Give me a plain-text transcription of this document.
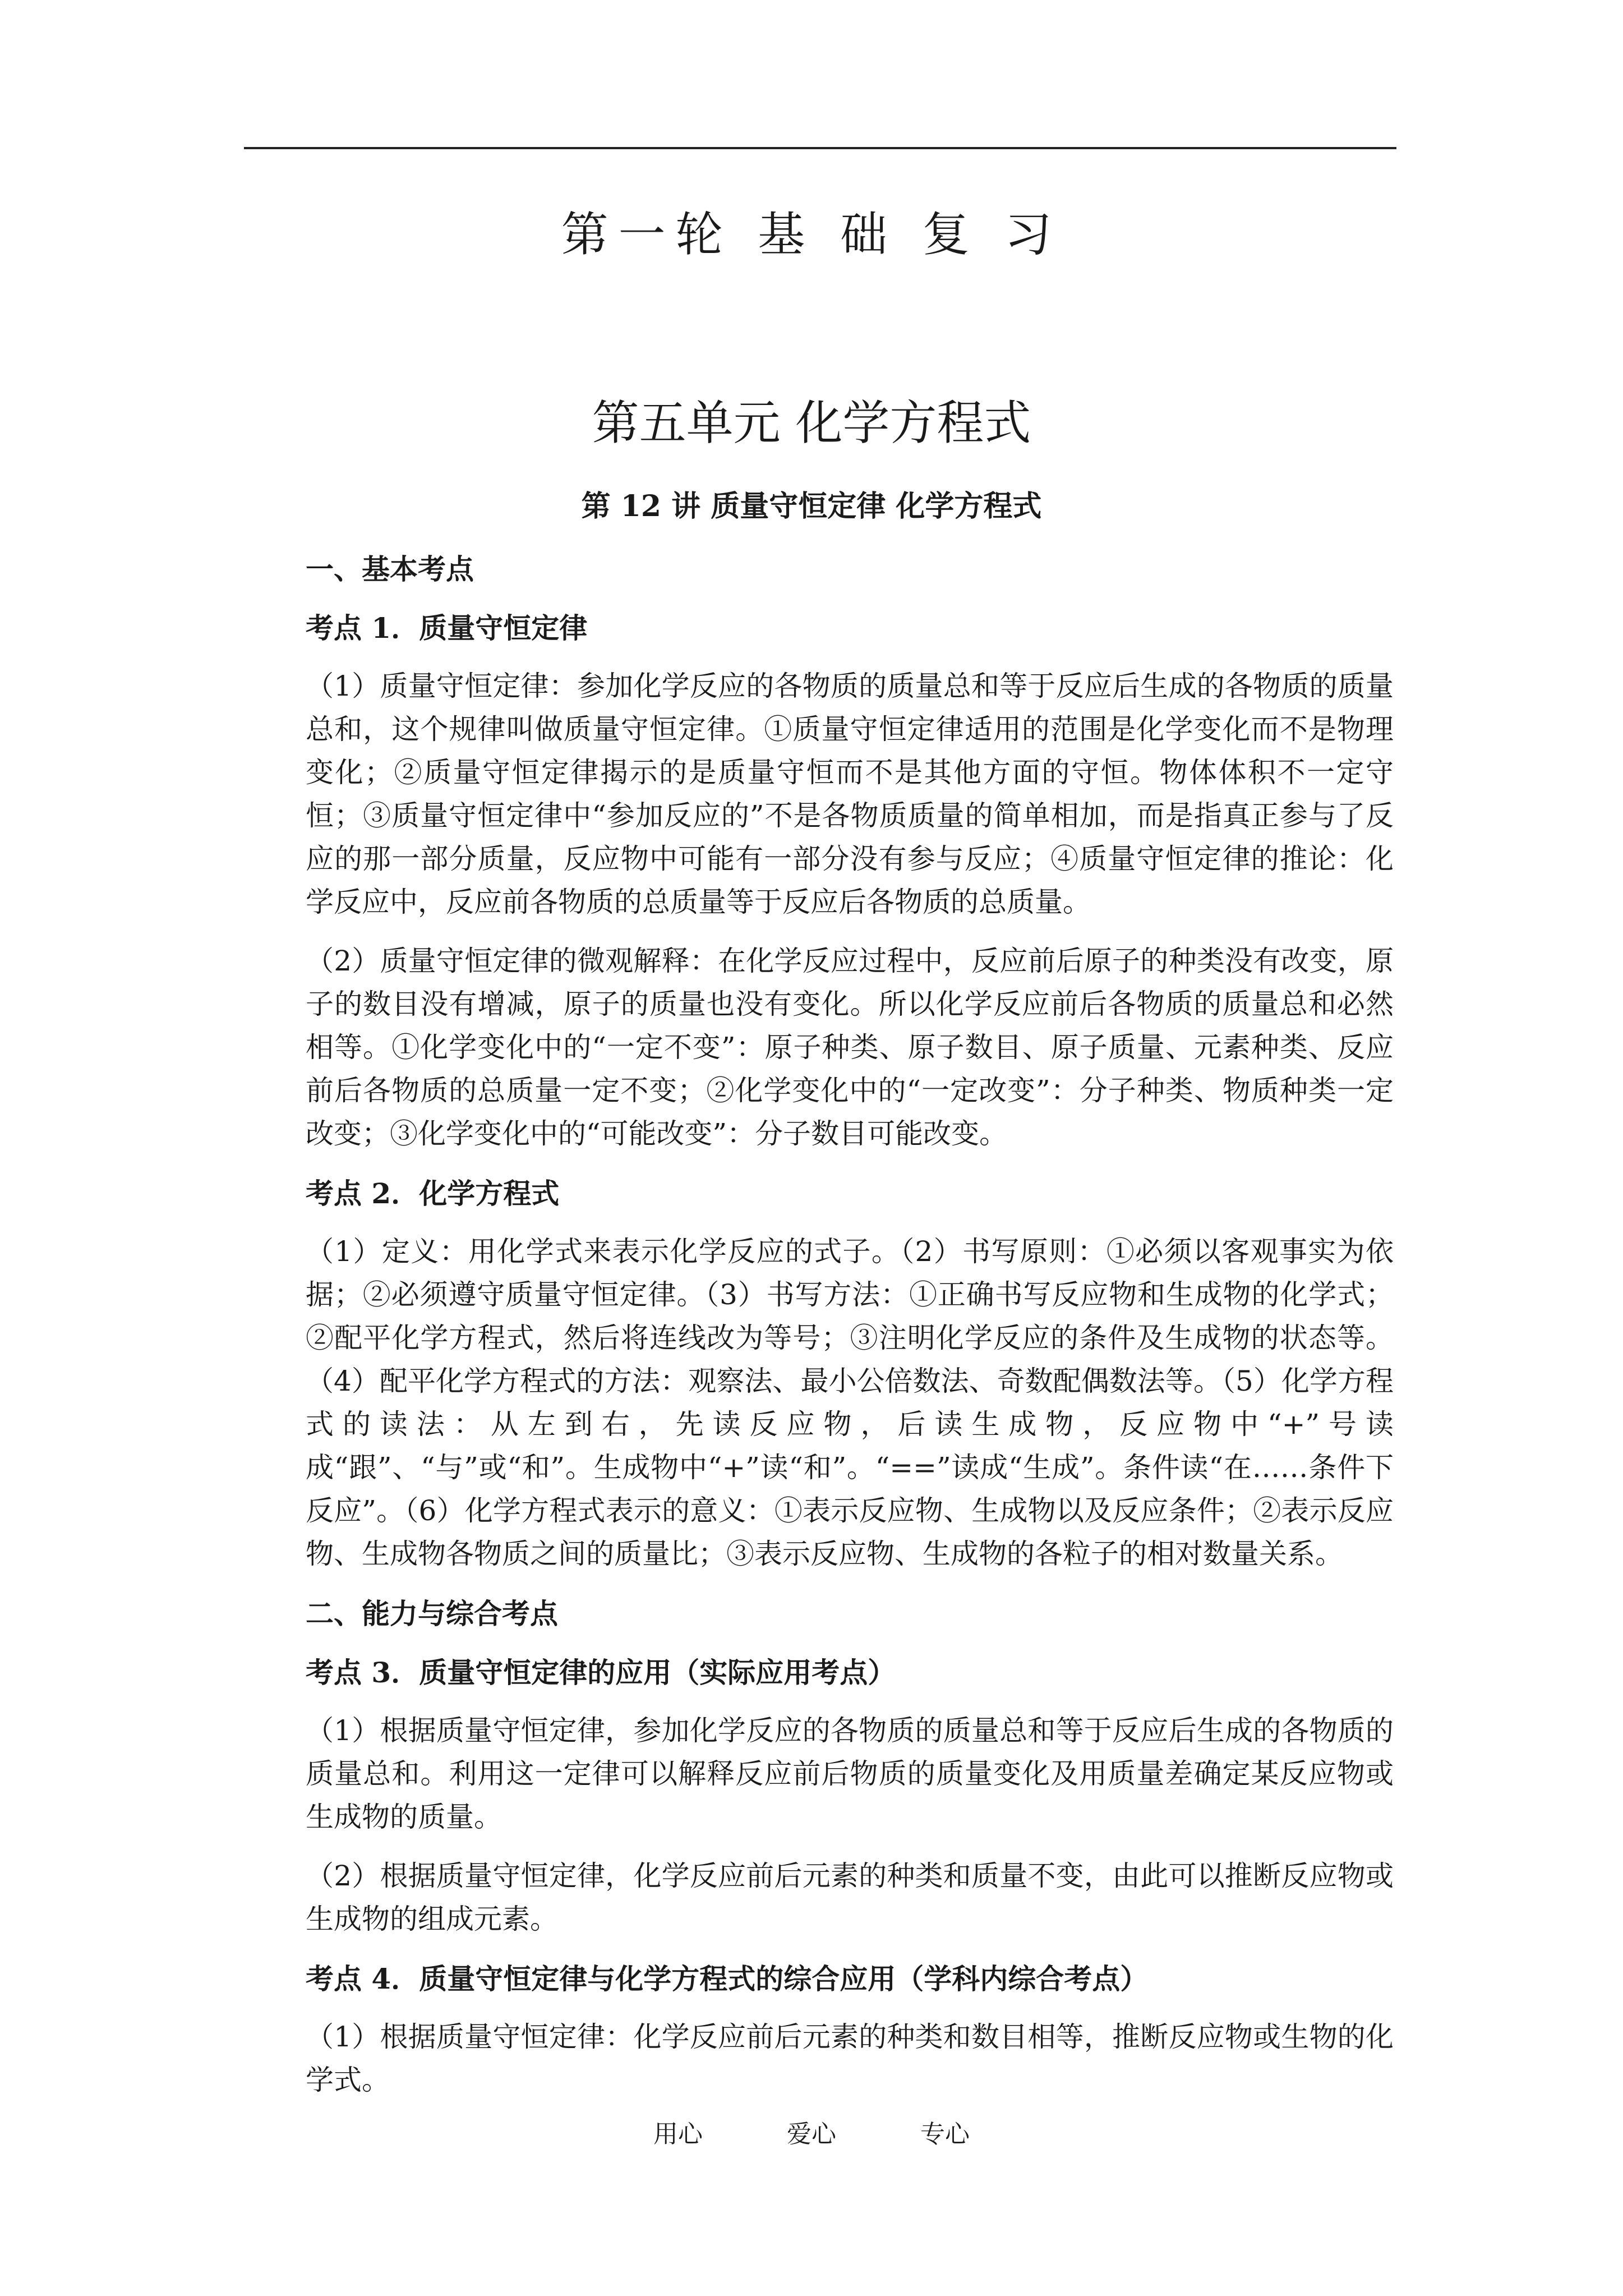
第一轮 基 础 复 习
第五单元 化学方程式
第 12 讲 质量守恒定律 化学方程式
一、基本考点
考点 1．质量守恒定律

（1）质量守恒定律：参加化学反应的各物质的质量总和等于反应后生成的各物质的质量总和，这个规律叫做质量守恒定律。①质量守恒定律适用的范围是化学变化而不是物理变化；②质量守恒定律揭示的是质量守恒而不是其他方面的守恒。物体体积不一定守恒；③质量守恒定律中“参加反应的”不是各物质质量的简单相加，而是指真正参与了反应的那一部分质量，反应物中可能有一部分没有参与反应；④质量守恒定律的推论：化学反应中，反应前各物质的总质量等于反应后各物质的总质量。

（2）质量守恒定律的微观解释：在化学反应过程中，反应前后原子的种类没有改变，原子的数目没有增减，原子的质量也没有变化。所以化学反应前后各物质的质量总和必然相等。①化学变化中的“一定不变”：原子种类、原子数目、原子质量、元素种类、反应前后各物质的总质量一定不变；②化学变化中的“一定改变”：分子种类、物质种类一定改变；③化学变化中的“可能改变”：分子数目可能改变。

考点 2．化学方程式

（1）定义：用化学式来表示化学反应的式子。（2）书写原则：①必须以客观事实为依据；②必须遵守质量守恒定律。（3）书写方法：①正确书写反应物和生成物的化学式；②配平化学方程式，然后将连线改为等号；③注明化学反应的条件及生成物的状态等。（4）配平化学方程式的方法：观察法、最小公倍数法、奇数配偶数法等。（5）化学方程式的读法：从左到右，先读反应物，后读生成物，反应物中“+”号读成“跟”、“与”或“和”。生成物中“+”读“和”。“==”读成“生成”。条件读“在……条件下反应”。（6）化学方程式表示的意义：①表示反应物、生成物以及反应条件；②表示反应物、生成物各物质之间的质量比；③表示反应物、生成物的各粒子的相对数量关系。

二、能力与综合考点
考点 3．质量守恒定律的应用（实际应用考点）

（1）根据质量守恒定律，参加化学反应的各物质的质量总和等于反应后生成的各物质的质量总和。利用这一定律可以解释反应前后物质的质量变化及用质量差确定某反应物或生成物的质量。

（2）根据质量守恒定律，化学反应前后元素的种类和质量不变，由此可以推断反应物或生成物的组成元素。

考点 4．质量守恒定律与化学方程式的综合应用（学科内综合考点）

（1）根据质量守恒定律：化学反应前后元素的种类和数目相等，推断反应物或生物的化学式。

用心	爱心	专心
